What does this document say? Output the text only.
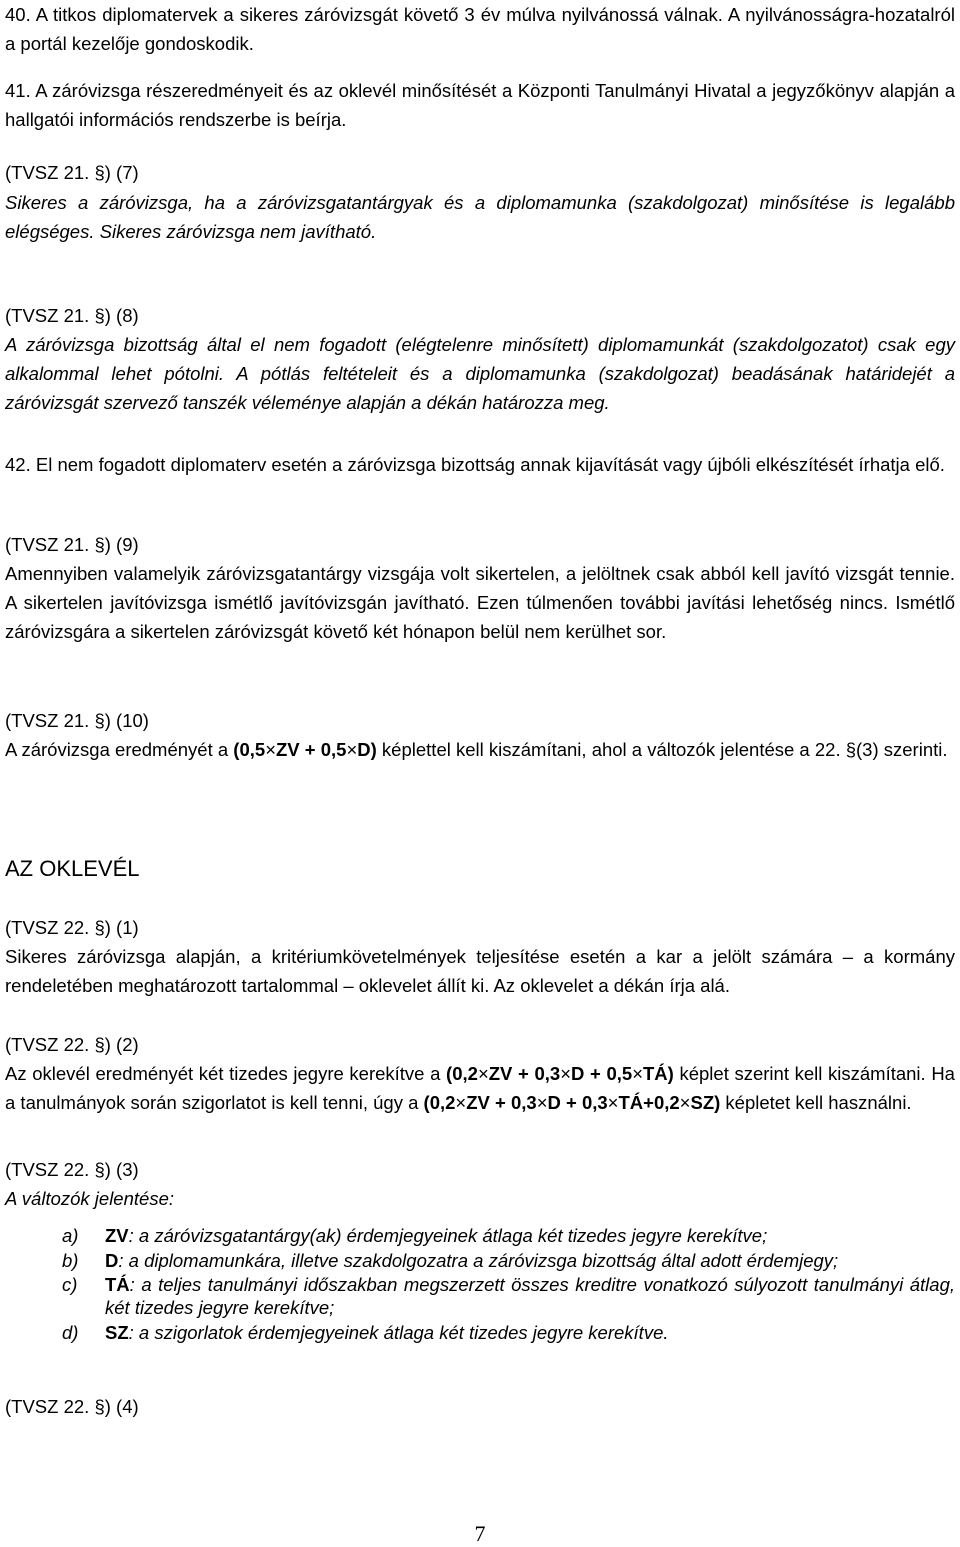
40. A titkos diplomatervek a sikeres záróvizsgát követő 3 év múlva nyilvánossá válnak. A nyilvánosságra-hozatalról a portál kezelője gondoskodik.

41. A záróvizsga részeredményeit és az oklevél minősítését a Központi Tanulmányi Hivatal a jegyzőkönyv alapján a hallgatói információs rendszerbe is beírja.

(TVSZ 21. §) (7)

Sikeres a záróvizsga, ha a záróvizsgatantárgyak és a diplomamunka (szakdolgozat) minősítése is legalább elégséges. Sikeres záróvizsga nem javítható.

(TVSZ 21. §) (8)

A záróvizsga bizottság által el nem fogadott (elégtelenre minősített) diplomamunkát (szakdolgozatot) csak egy alkalommal lehet pótolni. A pótlás feltételeit és a diplomamunka (szakdolgozat) beadásának határidejét a záróvizsgát szervező tanszék véleménye alapján a dékán határozza meg.

42. El nem fogadott diplomaterv esetén a záróvizsga bizottság annak kijavítását vagy újbóli elkészítését írhatja elő.

(TVSZ 21. §) (9)

Amennyiben valamelyik záróvizsgatantárgy vizsgája volt sikertelen, a jelöltnek csak abból kell javító vizsgát tennie. A sikertelen javítóvizsga ismétlő javítóvizsgán javítható. Ezen túlmenően további javítási lehetőség nincs. Ismétlő záróvizsgára a sikertelen záróvizsgát követő két hónapon belül nem kerülhet sor.

(TVSZ 21. §) (10)

A záróvizsga eredményét a (0,5×ZV + 0,5×D) képlettel kell kiszámítani, ahol a változók jelentése a 22. §(3) szerinti.

AZ OKLEVÉL

(TVSZ 22. §) (1)

Sikeres záróvizsga alapján, a kritériumkövetelmények teljesítése esetén a kar a jelölt számára – a kormány rendeletében meghatározott tartalommal – oklevelet állít ki. Az oklevelet a dékán írja alá.

(TVSZ 22. §) (2)

Az oklevél eredményét két tizedes jegyre kerekítve a (0,2×ZV + 0,3×D + 0,5×TÁ) képlet szerint kell kiszámítani. Ha a tanulmányok során szigorlatot is kell tenni, úgy a (0,2×ZV + 0,3×D + 0,3×TÁ+0,2×SZ) képletet kell használni.

(TVSZ 22. §) (3)

A változók jelentése:

a) ZV: a záróvizsgatantárgy(ak) érdemjegyeinek átlaga két tizedes jegyre kerekítve;
b) D: a diplomamunkára, illetve szakdolgozatra a záróvizsga bizottság által adott érdemjegy;
c) TÁ: a teljes tanulmányi időszakban megszerzett összes kreditre vonatkozó súlyozott tanulmányi átlag, két tizedes jegyre kerekítve;
d) SZ: a szigorlatok érdemjegyeinek átlaga két tizedes jegyre kerekítve.

(TVSZ 22. §) (4)

7
